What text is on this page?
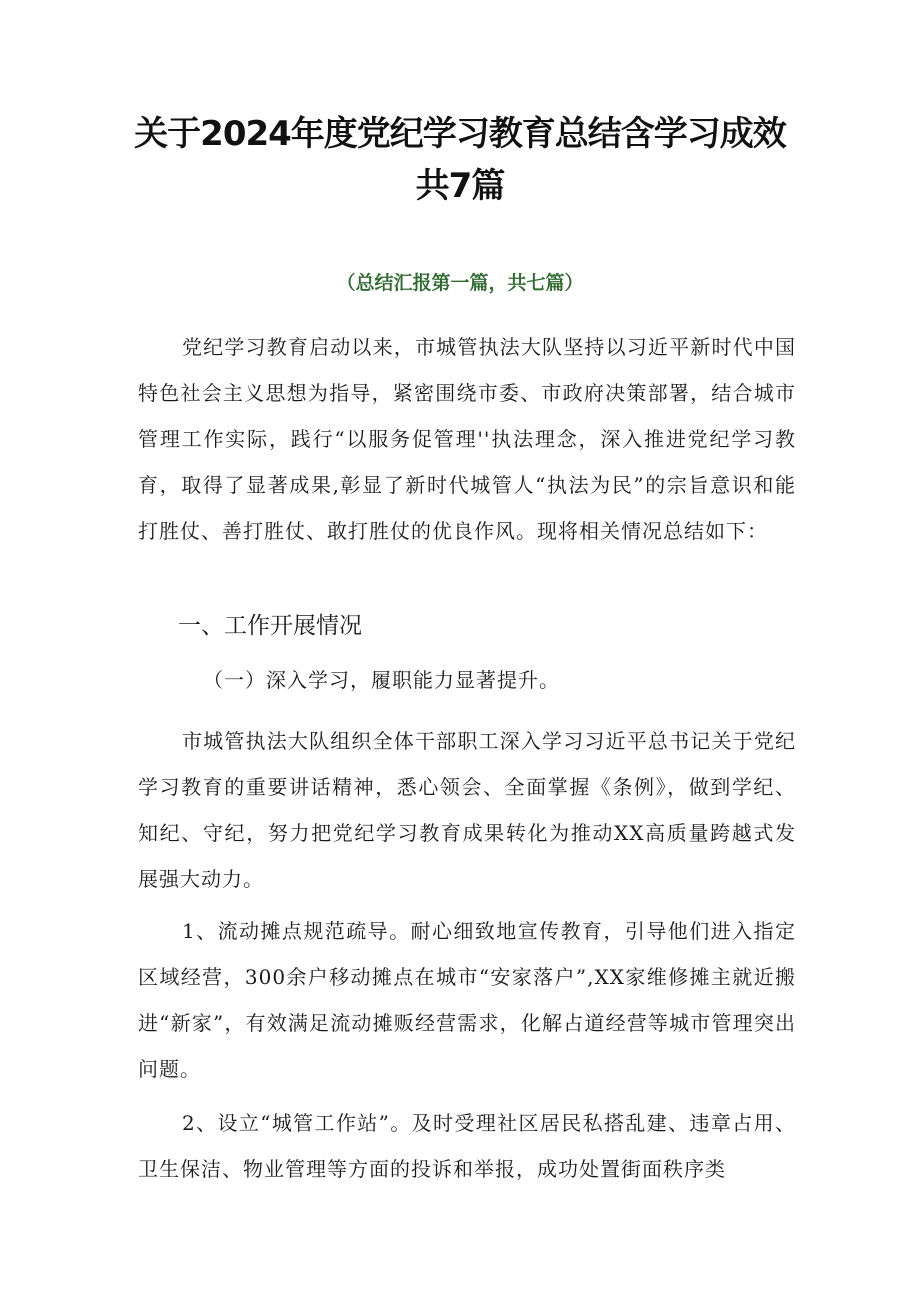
关于2024年度党纪学习教育总结含学习成效共7篇
（总结汇报第一篇，共七篇）
党纪学习教育启动以来，市城管执法大队坚持以习近平新时代中国特色社会主义思想为指导，紧密围绕市委、市政府决策部署，结合城市管理工作实际，践行“以服务促管理''执法理念，深入推进党纪学习教育，取得了显著成果,彰显了新时代城管人“执法为民”的宗旨意识和能打胜仗、善打胜仗、敢打胜仗的优良作风。现将相关情况总结如下：
一、工作开展情况
（一）深入学习，履职能力显著提升。
市城管执法大队组织全体干部职工深入学习习近平总书记关于党纪学习教育的重要讲话精神，悉心领会、全面掌握《条例》，做到学纪、知纪、守纪，努力把党纪学习教育成果转化为推动XX高质量跨越式发展强大动力。
1、流动摊点规范疏导。耐心细致地宣传教育，引导他们进入指定区域经营，300余户移动摊点在城市“安家落户”,XX家维修摊主就近搬进“新家”，有效满足流动摊贩经营需求，化解占道经营等城市管理突出问题。
2、设立“城管工作站”。及时受理社区居民私搭乱建、违章占用、卫生保洁、物业管理等方面的投诉和举报，成功处置街面秩序类
